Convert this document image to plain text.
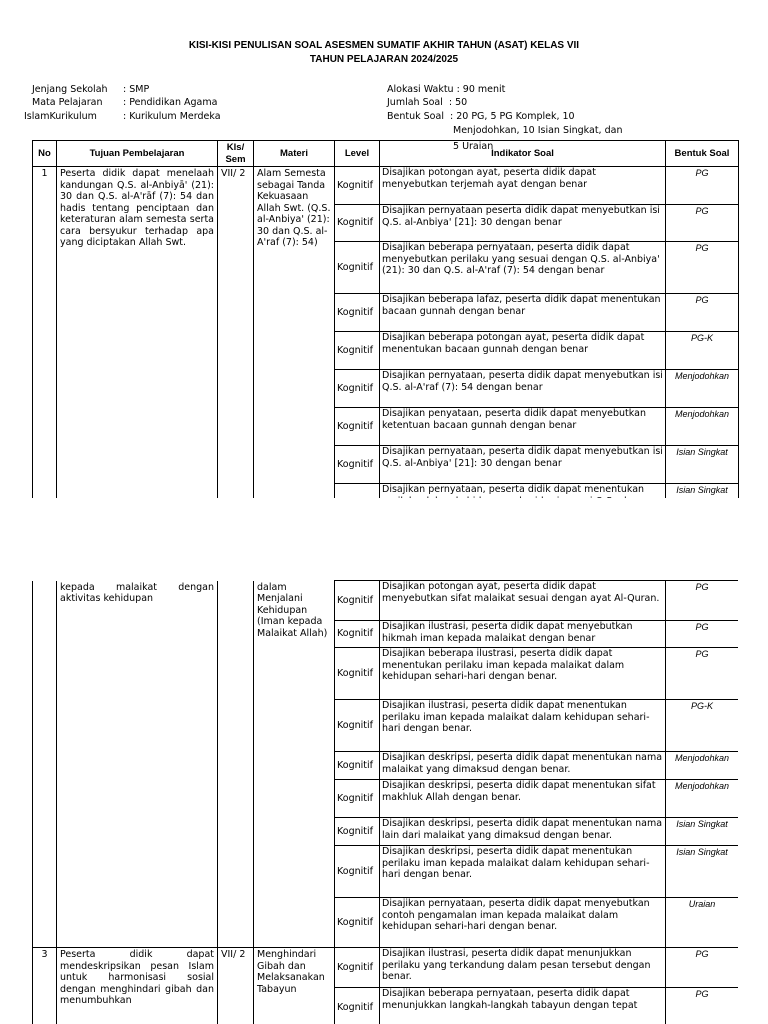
KISI-KISI PENULISAN SOAL ASESMEN SUMATIF AKHIR TAHUN (ASAT) KELAS VII
TAHUN PELAJARAN 2024/2025
Jenjang Sekolah : SMP
Mata Pelajaran : Pendidikan Agama
IslamKurikulum	: Kurikulum Merdeka
Alokasi Waktu : 90 menit
Jumlah Soal  : 50
Bentuk Soal  : 20 PG, 5 PG Komplek, 10
Menjodohkan, 10 Isian Singkat, dan
5 Uraian
No	Tujuan Pembelajaran	Kls/ Sem	Materi	Level	Indikator Soal	Bentuk Soal
1	Peserta didik dapat menelaah kandungan Q.S. al-Anbiyā' (21): 30 dan Q.S. al-A'rāf (7): 54 dan hadis tentang penciptaan dan keteraturan alam semesta serta cara bersyukur terhadap apa yang diciptakan Allah Swt.	VII/ 2	Alam Semesta sebagai Tanda Kekuasaan Allah Swt. (Q.S. al-Anbiya' (21): 30 dan Q.S. al- A'raf (7): 54)	Kognitif	Disajikan potongan ayat, peserta didik dapat menyebutkan terjemah ayat dengan benar	PG
				Kognitif	Disajikan pernyataan peserta didik dapat menyebutkan isi Q.S. al-Anbiya' [21]: 30 dengan benar	PG
				Kognitif	Disajikan beberapa pernyataan, peserta didik dapat menyebutkan perilaku yang sesuai dengan Q.S. al-Anbiya' (21): 30 dan Q.S. al-A'raf (7): 54 dengan benar	PG
				Kognitif	Disajikan beberapa lafaz, peserta didik dapat menentukan bacaan gunnah dengan benar	PG
				Kognitif	Disajikan beberapa potongan ayat, peserta didik dapat menentukan bacaan gunnah dengan benar	PG-K
				Kognitif	Disajikan pernyataan, peserta didik dapat menyebutkan isi Q.S. al-A'raf (7): 54 dengan benar	Menjodohkan
				Kognitif	Disajikan penyataan, peserta didik dapat menyebutkan ketentuan bacaan gunnah dengan benar	Menjodohkan
				Kognitif	Disajikan pernyataan, peserta didik dapat menyebutkan isi Q.S. al-Anbiya' [21]: 30 dengan benar	Isian Singkat
					Disajikan pernyataan, peserta didik dapat menentukan	Isian Singkat
	kepada malaikat dengan aktivitas kehidupan		dalam Menjalani Kehidupan (Iman kepada Malaikat Allah)	Kognitif	Disajikan potongan ayat, peserta didik dapat menyebutkan sifat malaikat sesuai dengan ayat Al-Quran.	PG
				Kognitif	Disajikan ilustrasi, peserta didik dapat menyebutkan hikmah iman kepada malaikat dengan benar	PG
				Kognitif	Disajikan beberapa ilustrasi, peserta didik dapat menentukan perilaku iman kepada malaikat dalam kehidupan sehari-hari dengan benar.	PG
				Kognitif	Disajikan ilustrasi, peserta didik dapat menentukan perilaku iman kepada malaikat dalam kehidupan sehari-hari dengan benar.	PG-K
				Kognitif	Disajikan deskripsi, peserta didik dapat menentukan nama malaikat yang dimaksud dengan benar.	Menjodohkan
				Kognitif	Disajikan deskripsi, peserta didik dapat menentukan sifat makhluk Allah dengan benar.	Menjodohkan
				Kognitif	Disajikan deskripsi, peserta didik dapat menentukan nama lain dari malaikat yang dimaksud dengan benar.	Isian Singkat
				Kognitif	Disajikan deskripsi, peserta didik dapat menentukan perilaku iman kepada malaikat dalam kehidupan sehari-hari dengan benar.	Isian Singkat
				Kognitif	Disajikan pernyataan, peserta didik dapat menyebutkan contoh pengamalan iman kepada malaikat dalam kehidupan sehari-hari dengan benar.	Uraian
3	Peserta didik dapat mendeskripsikan pesan Islam untuk harmonisasi sosial dengan menghindari gibah dan menumbuhkan	VII/ 2	Menghindari Gibah dan Melaksanakan Tabayun	Kognitif	Disajikan ilustrasi, peserta didik dapat menunjukkan perilaku yang terkandung dalam pesan tersebut dengan benar.	PG
				Kognitif	Disajikan beberapa pernyataan, peserta didik dapat menunjukkan langkah-langkah tabayun dengan tepat	PG
